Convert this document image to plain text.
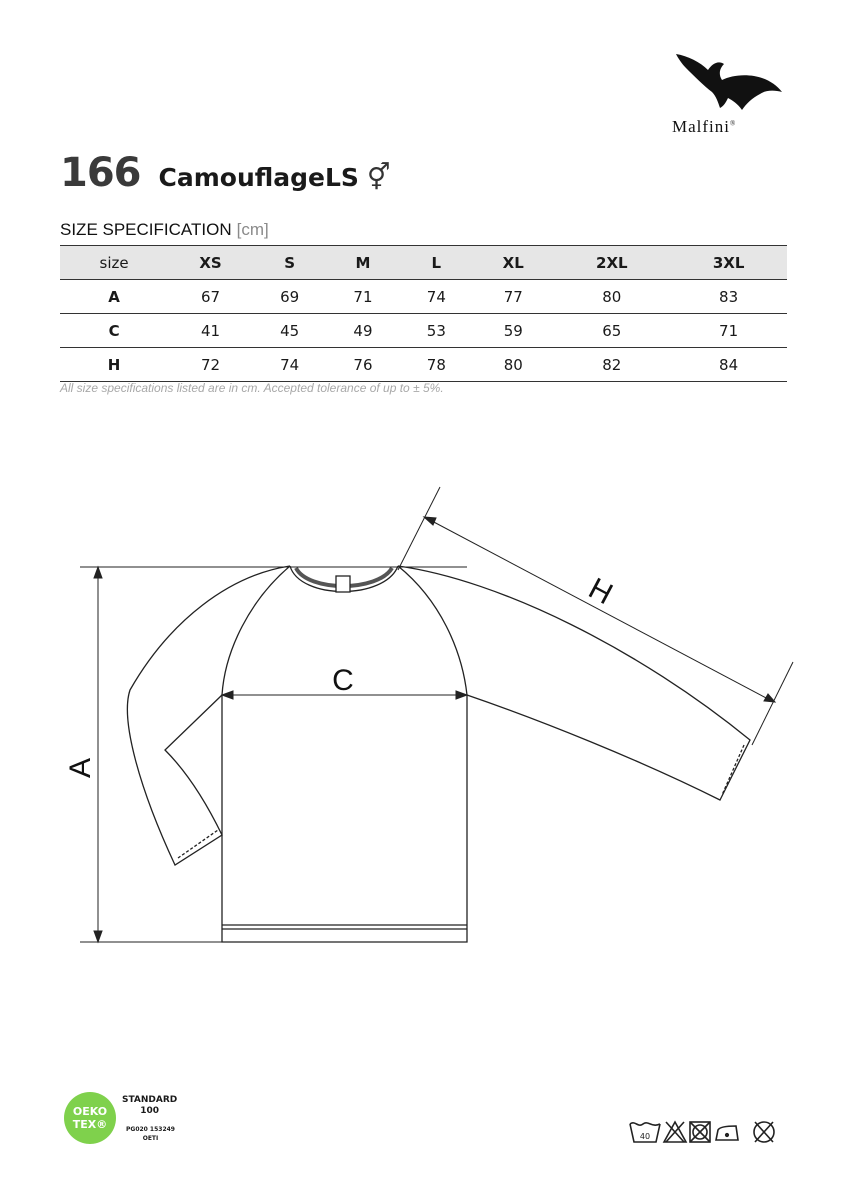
Malfini®
166 CamouflageLS ⚥
SIZE SPECIFICATION [cm]
size	XS	S	M	L	XL	2XL	3XL
A	67	69	71	74	77	80	83
C	41	45	49	53	59	65	71
H	72	74	76	78	80	82	84
All size specifications listed are in cm. Accepted tolerance of up to ± 5%.
A
C
H
OEKO
TEX®
STANDARD
100
PG020 153249
OETI	40
